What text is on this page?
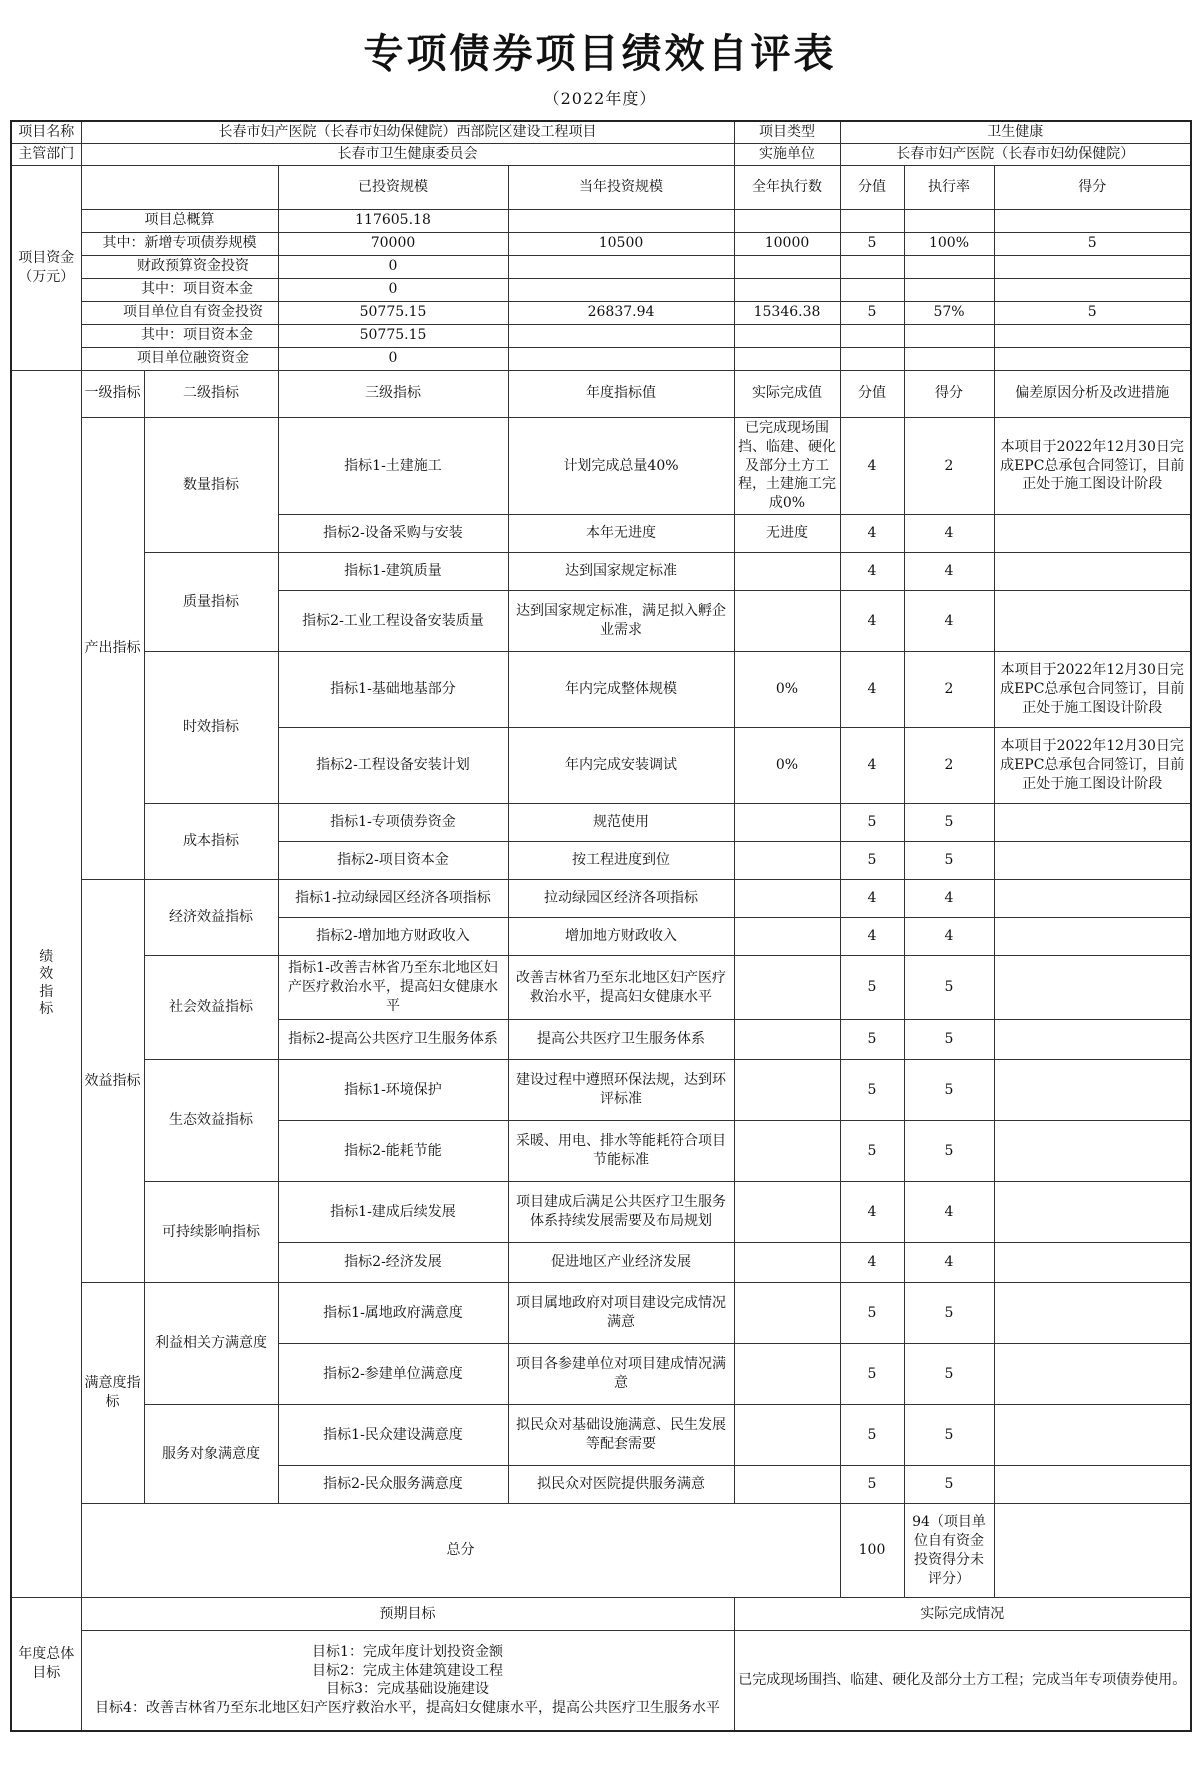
专项债券项目绩效自评表
（2022年度）
项目名称	长春市妇产医院（长春市妇幼保健院）西部院区建设工程项目				项目类型	卫生健康		
主管部门	长春市卫生健康委员会				实施单位	长春市妇产医院（长春市妇幼保健院）		
项目资金（万元）			已投资规模	当年投资规模	全年执行数	分值	执行率	得分
	项目总概算		117605.18					
	其中：新增专项债券规模		70000	10500	10000	5	100%	5
	财政预算资金投资		0					
	其中：项目资本金		0					
	项目单位自有资金投资		50775.15	26837.94	15346.38	5	57%	5
	其中：项目资本金		50775.15					
	项目单位融资资金		0					
绩效指标	一级指标	二级指标	三级指标	年度指标值	实际完成值	分值	得分	偏差原因分析及改进措施
	产出指标	数量指标	指标1-土建施工	计划完成总量40%	已完成现场围挡、临建、硬化及部分土方工程，土建施工完成0%	4	2	本项目于2022年12月30日完成EPC总承包合同签订，目前正处于施工图设计阶段
			指标2-设备采购与安装	本年无进度	无进度	4	4	
		质量指标	指标1-建筑质量	达到国家规定标准		4	4	
			指标2-工业工程设备安装质量	达到国家规定标准，满足拟入孵企业需求		4	4	
		时效指标	指标1-基础地基部分	年内完成整体规模	0%	4	2	本项目于2022年12月30日完成EPC总承包合同签订，目前正处于施工图设计阶段
			指标2-工程设备安装计划	年内完成安装调试	0%	4	2	本项目于2022年12月30日完成EPC总承包合同签订，目前正处于施工图设计阶段
		成本指标	指标1-专项债券资金	规范使用		5	5	
			指标2-项目资本金	按工程进度到位		5	5	
	效益指标	经济效益指标	指标1-拉动绿园区经济各项指标	拉动绿园区经济各项指标		4	4	
			指标2-增加地方财政收入	增加地方财政收入		4	4	
		社会效益指标	指标1-改善吉林省乃至东北地区妇产医疗救治水平，提高妇女健康水平	改善吉林省乃至东北地区妇产医疗救治水平，提高妇女健康水平		5	5	
			指标2-提高公共医疗卫生服务体系	提高公共医疗卫生服务体系		5	5	
		生态效益指标	指标1-环境保护	建设过程中遵照环保法规，达到环评标准		5	5	
			指标2-能耗节能	采暖、用电、排水等能耗符合项目节能标准		5	5	
		可持续影响指标	指标1-建成后续发展	项目建成后满足公共医疗卫生服务体系持续发展需要及布局规划		4	4	
			指标2-经济发展	促进地区产业经济发展		4	4	
	满意度指标	利益相关方满意度	指标1-属地政府满意度	项目属地政府对项目建设完成情况满意		5	5	
			指标2-参建单位满意度	项目各参建单位对项目建成情况满意		5	5	
		服务对象满意度	指标1-民众建设满意度	拟民众对基础设施满意、民生发展等配套需要		5	5	
			指标2-民众服务满意度	拟民众对医院提供服务满意		5	5	
	总分					100	94（项目单位自有资金投资得分未评分）	
年度总体目标	预期目标				实际完成情况			

	目标1：完成年度计划投资金额
目标2：完成主体建筑建设工程
目标3：完成基础设施建设
目标4：改善吉林省乃至东北地区妇产医疗救治水平，提高妇女健康水平，提高公共医疗卫生服务水平				已完成现场围挡、临建、硬化及部分土方工程；完成当年专项债券使用。			
